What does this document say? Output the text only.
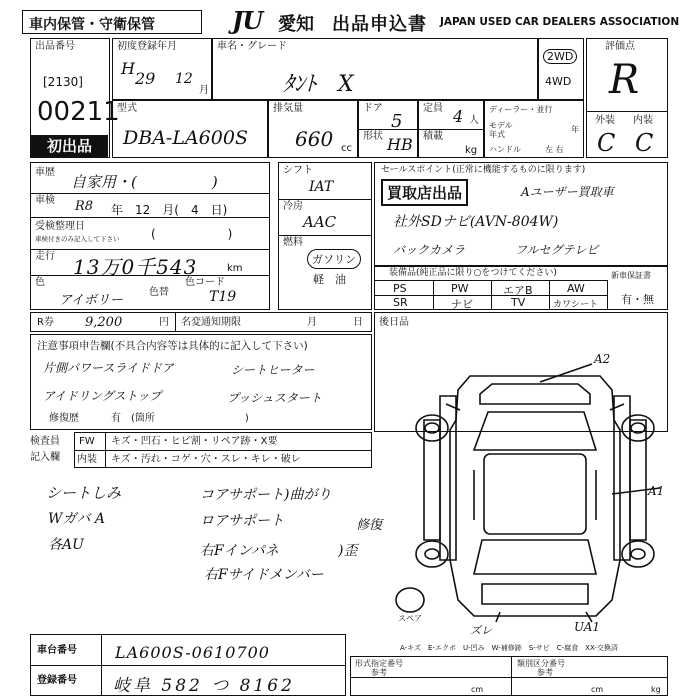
車内保管・守衛保管	JU 愛知 出品申込書 JAPAN USED CAR DEALERS ASSOCIATION
出品番号
[2130]
00211
初出品
初度登録年月
H
29 12
月
車名・グレード
ﾀﾝﾄ　X
2WD
4WD
評価点
R
外装 内装
C C
型式
DBA-LA600S
排気量
660 cc
ドア
5
形状 HB
定員 4 人
積載
kg
ディーラー・並行
モデル年式
年
ハンドル	左 右
車歴
自家用・(　　　　　)
車検 R8 年　12　月(　4　日)
受検整理日
車検付きのみ記入して下さい	(　　　　　　)
走行 13万0千543	km
色
アイボリー
色替
色コード
T19
シフト
IAT
冷房
AAC
燃料
ガソリン
軽　油
セールスポイント(正常に機能するものに限ります)
買取店出品	Aユーザー買取車
社外SDナビ(AVN-804W)
バックカメラ	フルセグテレビ
装備品(純正品に限り○をつけてください)
PS	PW	エアB	AW
SR	ナビ	TV	カワシート
新車保証書
有・無
R券 9,200	円 名変通知期限	月	日 後日品
注意事項申告欄(不具合内容等は具体的に記入して下さい)
片側パワースライドドア	シートヒーター
アイドリングストップ	プッシュスタート
修復歴	有　(箇所　　　　　　　　　)
検査員
記入欄
FW キズ・凹石・ヒビ割・リペア跡・X要
内装 キズ・汚れ・コゲ・穴・スレ・キレ・破レ
シートしみ
Wガバ A
各AU
コアサポート)曲がり
ロアサポート	修復
右Fインパネ
右Fサイドメンバー
)歪
A2
A1
スペア
ズレ	UA1
A-キズ　E-エクボ　U-凹み　W-補修跡　S-サビ　C-腐食　XX-交換済
車台番号 LA600S-0610700
登録番号 岐阜 582 つ 8162
形式指定番号
参考
類別区分番号
参考
cm	cm	kg
